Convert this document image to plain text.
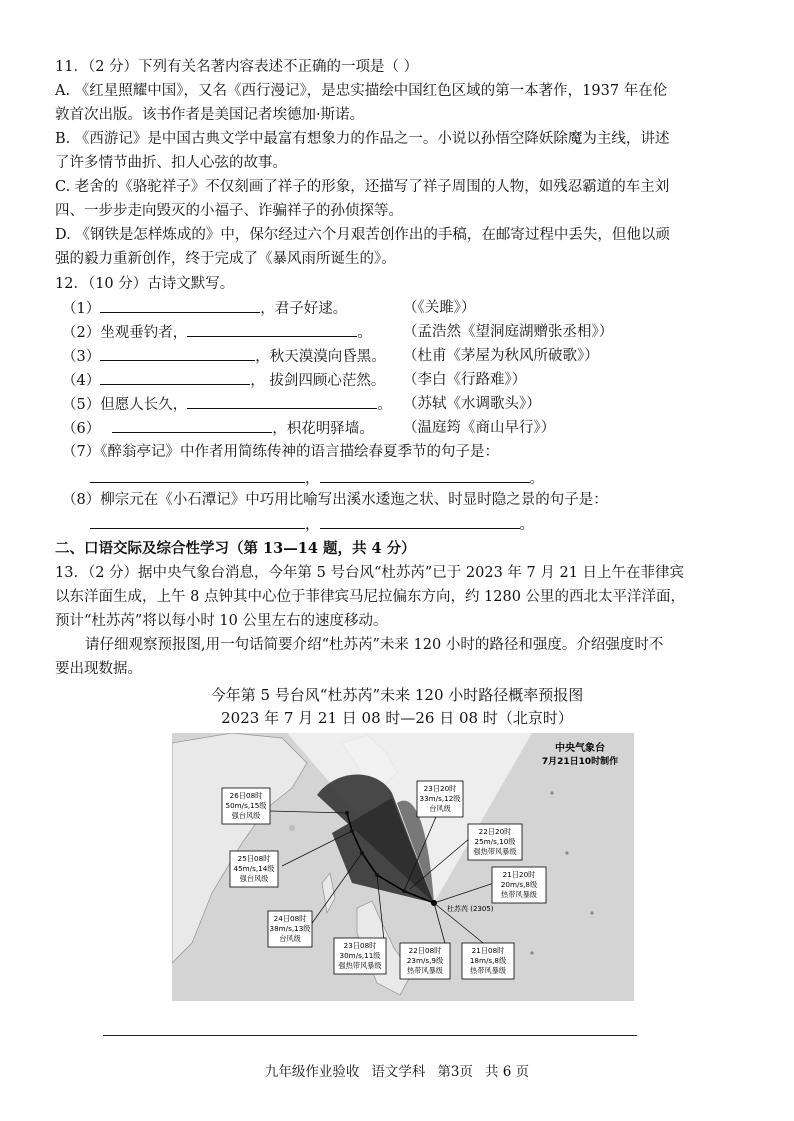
11．（2 分）下列有关名著内容表述不正确的一项是（ ）
A. 《红星照耀中国》，又名《西行漫记》，是忠实描绘中国红色区域的第一本著作，1937 年在伦
敦首次出版。该书作者是美国记者埃德加·斯诺。
B. 《西游记》是中国古典文学中最富有想象力的作品之一。小说以孙悟空降妖除魔为主线，讲述
了许多情节曲折、扣人心弦的故事。
C. 老舍的《骆驼祥子》不仅刻画了祥子的形象，还描写了祥子周围的人物，如残忍霸道的车主刘
四、一步步走向毁灭的小福子、诈骗祥子的孙侦探等。
D. 《钢铁是怎样炼成的》中，保尔经过六个月艰苦创作出的手稿，在邮寄过程中丢失，但他以顽
强的毅力重新创作，终于完成了《暴风雨所诞生的》。
12．（10 分）古诗文默写。
（1）	，君子好逑。	（《关雎》）
（2）坐观垂钓者，	。 （孟浩然《望洞庭湖赠张丞相》）
（3）	，秋天漠漠向昏黑。 （杜甫《茅屋为秋风所破歌》）
（4）	， 拔剑四顾心茫然。 （李白《行路难》）
（5）但愿人长久，	。 （苏轼《水调歌头》）
（6）	，枳花明驿墙。 （温庭筠《商山早行》）
（7）《醉翁亭记》中作者用简练传神的语言描绘春夏季节的句子是：
，	。
（8）柳宗元在《小石潭记》中巧用比喻写出溪水逶迤之状、时显时隐之景的句子是：
，	。
二、口语交际及综合性学习（第 13—14 题，共 4 分）
13．（2 分）据中央气象台消息，今年第 5 号台风“杜苏芮”已于 2023 年 7 月 21 日上午在菲律宾
以东洋面生成，上午 8 点钟其中心位于菲律宾马尼拉偏东方向，约 1280 公里的西北太平洋洋面，
预计“杜苏芮”将以每小时 10 公里左右的速度移动。
请仔细观察预报图,用一句话简要介绍“杜苏芮”未来 120 小时的路径和强度。介绍强度时不
要出现数据。
今年第 5 号台风“杜苏芮”未来 120 小时路径概率预报图
2023 年 7 月 21 日 08 时—26 日 08 时（北京时）
中央气象台
7月21日10时制作
杜苏芮 (2305)
26日08时
50m/s,15级
强台风级
25日08时
45m/s,14级
强台风级
24日08时
38m/s,13级
台风级
23日08时
30m/s,11级
强热带风暴级
23日20时
33m/s,12级
台风级
22日20时
25m/s,10级
强热带风暴级
21日20时
20m/s,8级
热带风暴级
22日08时
23m/s,9级
热带风暴级
21日08时
18m/s,8级
热带风暴级
九年级作业验收 语文学科 第3页 共 6 页
